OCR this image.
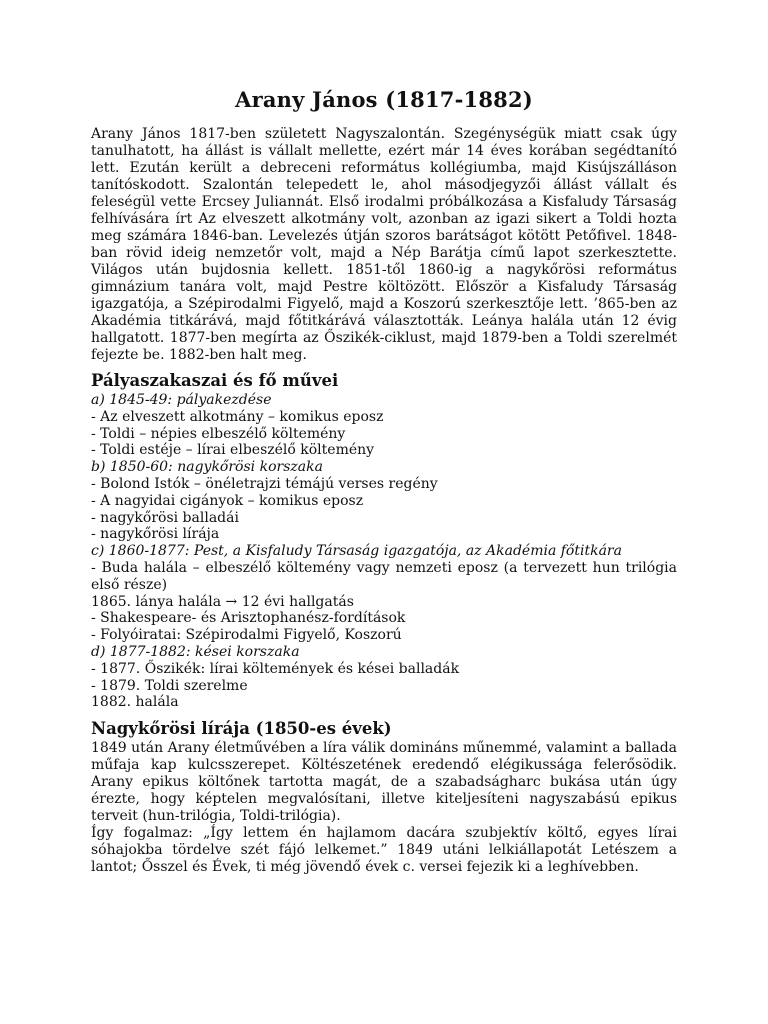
Arany János (1817-1882)

Arany János 1817-ben született Nagyszalontán. Szegénységük miatt csak úgy tanulhatott, ha állást is vállalt mellette, ezért már 14 éves korában segédtanító lett. Ezután került a debreceni református kollégiumba, majd Kisújszálláson tanítóskodott. Szalontán telepedett le, ahol másodjegyzői állást vállalt és feleségül vette Ercsey Juliannát. Első irodalmi próbálkozása a Kisfaludy Társaság felhívására írt Az elveszett alkotmány volt, azonban az igazi sikert a Toldi hozta meg számára 1846-ban. Levelezés útján szoros barátságot kötött Petőfivel. 1848-ban rövid ideig nemzetőr volt, majd a Nép Barátja című lapot szerkesztette. Világos után bujdosnia kellett. 1851-től 1860-ig a nagykőrösi református gimnázium tanára volt, majd Pestre költözött. Először a Kisfaludy Társaság igazgatója, a Szépirodalmi Figyelő, majd a Koszorú szerkesztője lett. ’865-ben az Akadémia titkárává, majd főtitkárává választották. Leánya halála után 12 évig hallgatott. 1877-ben megírta az Őszikék-ciklust, majd 1879-ben a Toldi szerelmét fejezte be. 1882-ben halt meg.

Pályaszakaszai és fő művei
a) 1845-49: pályakezdése
- Az elveszett alkotmány – komikus eposz
- Toldi – népies elbeszélő költemény
- Toldi estéje – lírai elbeszélő költemény
b) 1850-60: nagykőrösi korszaka
- Bolond Istók – önéletrajzi témájú verses regény
- A nagyidai cigányok – komikus eposz
- nagykőrösi balladái
- nagykőrösi lírája
c) 1860-1877: Pest, a Kisfaludy Társaság igazgatója, az Akadémia főtitkára
- Buda halála – elbeszélő költemény vagy nemzeti eposz (a tervezett hun trilógia első része)
1865. lánya halála → 12 évi hallgatás
- Shakespeare- és Arisztophanész-fordítások
- Folyóiratai: Szépirodalmi Figyelő, Koszorú
d) 1877-1882: kései korszaka
- 1877. Őszikék: lírai költemények és kései balladák
- 1879. Toldi szerelme
1882. halála
Nagykőrösi lírája (1850-es évek)

1849 után Arany életművében a líra válik domináns műnemmé, valamint a ballada műfaja kap kulcsszerepet. Költészetének eredendő elégikussága felerősödik. Arany epikus költőnek tartotta magát, de a szabadságharc bukása után úgy érezte, hogy képtelen megvalósítani, illetve kiteljesíteni nagyszabású epikus terveit (hun-trilógia, Toldi-trilógia).

Így fogalmaz: „Így lettem én hajlamom dacára szubjektív költő, egyes lírai sóhajokba tördelve szét fájó lelkemet.” 1849 utáni lelkiállapotát Letészem a lantot; Ősszel és Évek, ti még jövendő évek c. versei fejezik ki a leghívebben.
